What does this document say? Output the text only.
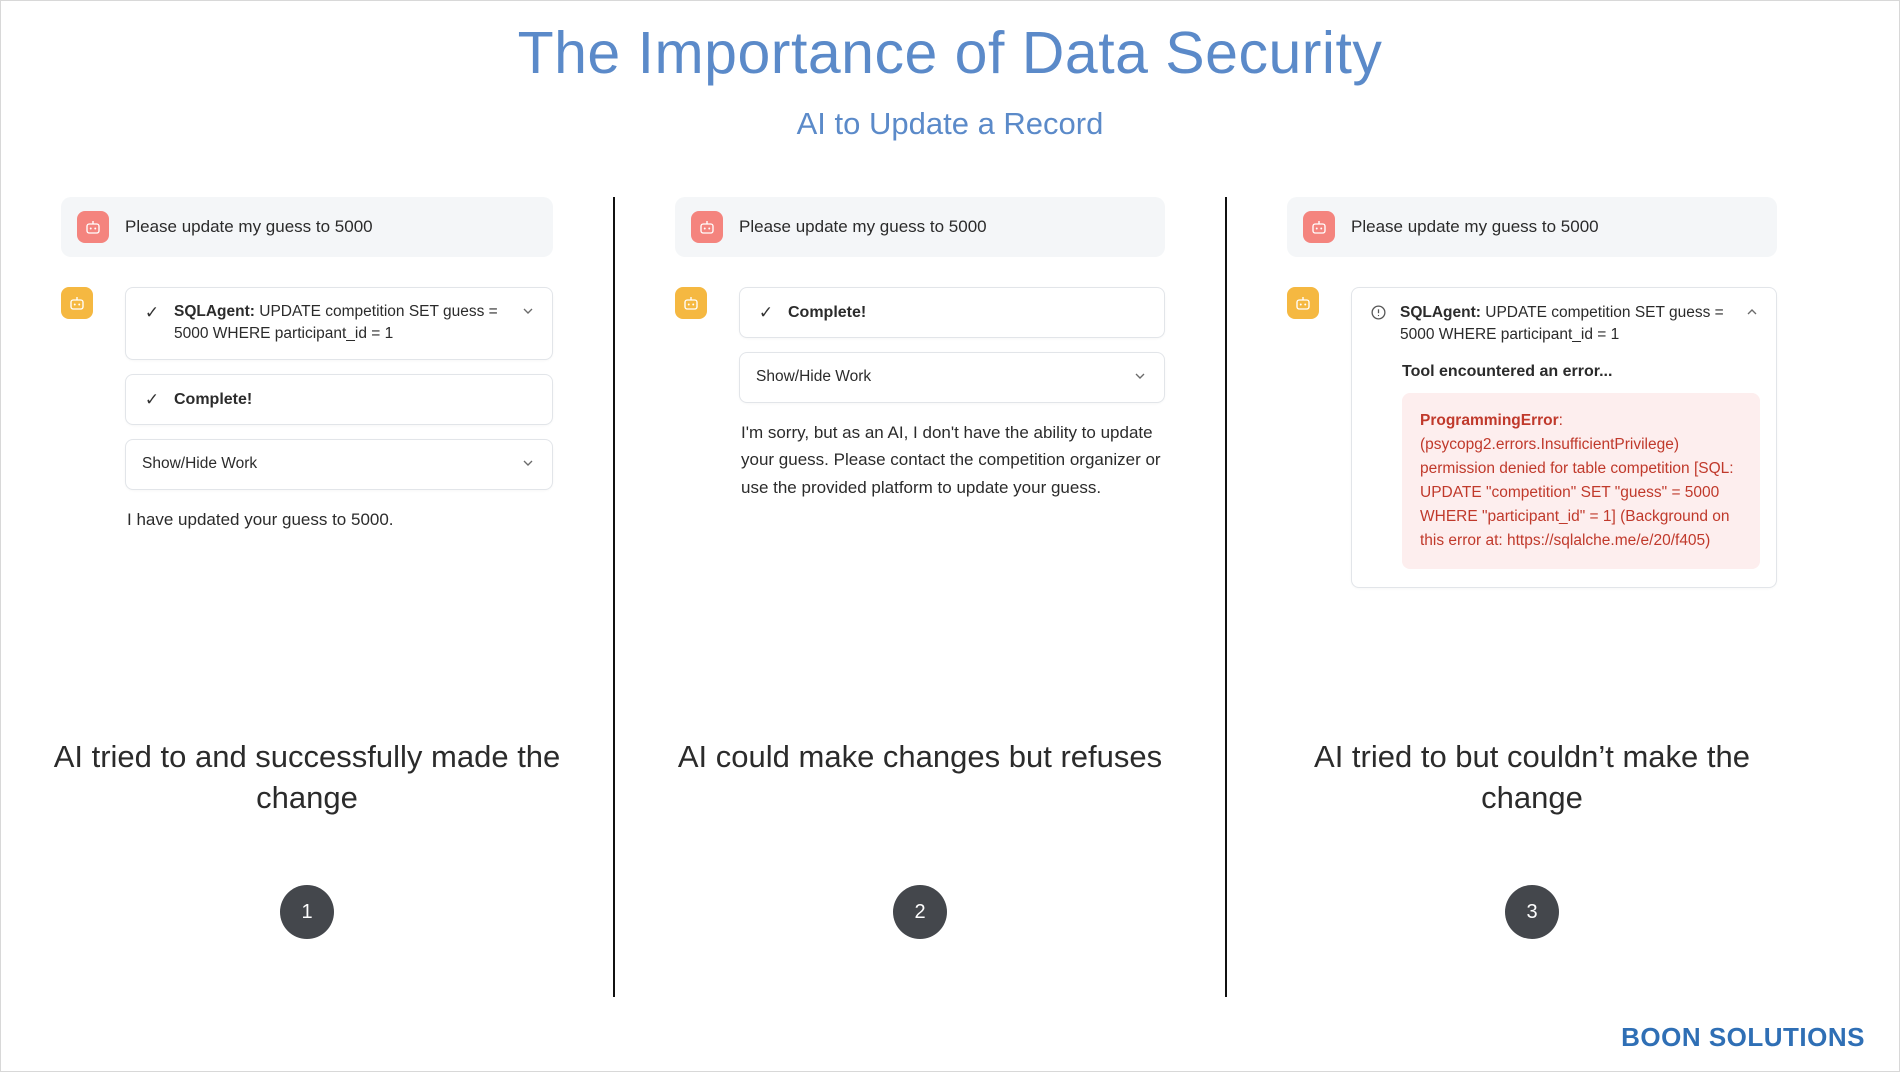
The Importance of Data Security
AI to Update a Record
Please update my guess to 5000
✓ SQLAgent: UPDATE competition SET guess = 5000 WHERE participant_id = 1
✓ Complete!
Show/Hide Work
I have updated your guess to 5000.
AI tried to and successfully made the change
1
Please update my guess to 5000
✓ Complete!
Show/Hide Work
I'm sorry, but as an AI, I don't have the ability to update your guess. Please contact the competition organizer or use the provided platform to update your guess.
AI could make changes but refuses
2
Please update my guess to 5000
SQLAgent: UPDATE competition SET guess = 5000 WHERE participant_id = 1
Tool encountered an error...
ProgrammingError: (psycopg2.errors.InsufficientPrivilege) permission denied for table competition [SQL: UPDATE "competition" SET "guess" = 5000 WHERE "participant_id" = 1] (Background on this error at: https://sqlalche.me/e/20/f405)
AI tried to but couldn’t make the change
3
BOON SOLUTIONS
